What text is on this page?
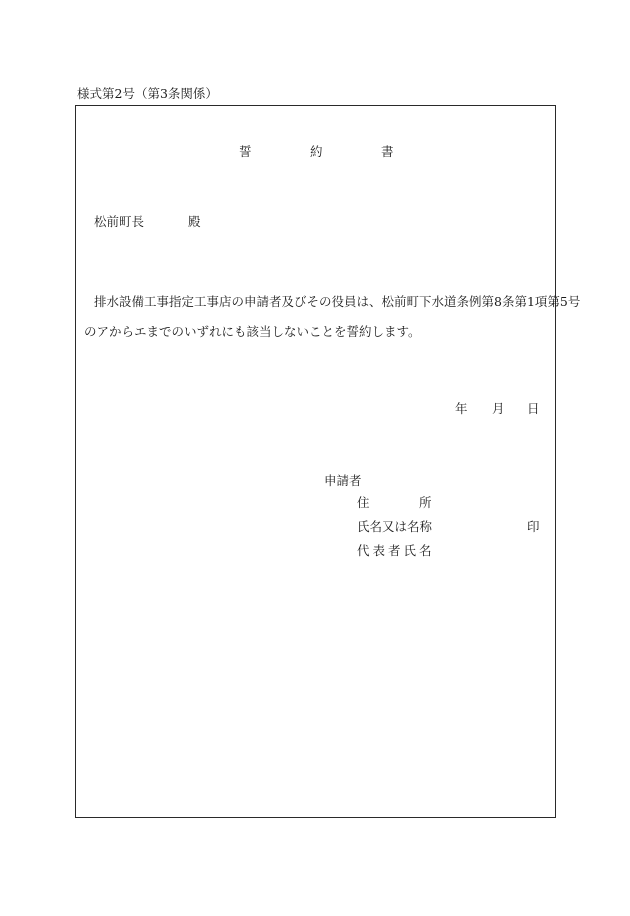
様式第2号（第3条関係）
誓	約	書
松前町長	殿
排水設備工事指定工事店の申請者及びその役員は、松前町下水道条例第8条第1項第5号
のアからエまでのいずれにも該当しないことを誓約します。
年 月 日
申請者
住	所
氏名又は名称	印
代表者氏名
